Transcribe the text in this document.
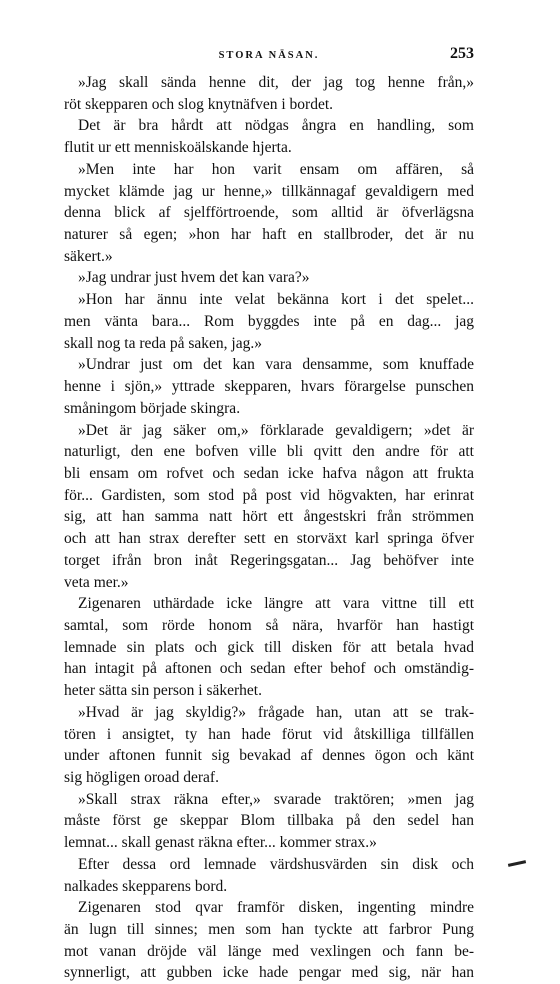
STORA NÄSAN.	253
»Jag skall sända henne dit, der jag tog henne från,»
röt skepparen och slog knytnäfven i bordet.
Det är bra hårdt att nödgas ångra en handling, som
flutit ur ett menniskoälskande hjerta.
»Men inte har hon varit ensam om affären, så
mycket klämde jag ur henne,» tillkännagaf gevaldigern med
denna blick af sjelfförtroende, som alltid är öfverlägsna
naturer så egen; »hon har haft en stallbroder, det är nu
säkert.»
»Jag undrar just hvem det kan vara?»
»Hon har ännu inte velat bekänna kort i det spelet...
men vänta bara... Rom byggdes inte på en dag... jag
skall nog ta reda på saken, jag.»
»Undrar just om det kan vara densamme, som knuffade
henne i sjön,» yttrade skepparen, hvars förargelse punschen
småningom började skingra.
»Det är jag säker om,» förklarade gevaldigern; »det är
naturligt, den ene bofven ville bli qvitt den andre för att
bli ensam om rofvet och sedan icke hafva någon att frukta
för... Gardisten, som stod på post vid högvakten, har erinrat
sig, att han samma natt hört ett ångestskri från strömmen
och att han strax derefter sett en storväxt karl springa öfver
torget ifrån bron inåt Regeringsgatan... Jag behöfver inte
veta mer.»
Zigenaren uthärdade icke längre att vara vittne till ett
samtal, som rörde honom så nära, hvarför han hastigt
lemnade sin plats och gick till disken för att betala hvad
han intagit på aftonen och sedan efter behof och omständig-
heter sätta sin person i säkerhet.
»Hvad är jag skyldig?» frågade han, utan att se trak-
tören i ansigtet, ty han hade förut vid åtskilliga tillfällen
under aftonen funnit sig bevakad af dennes ögon och känt
sig högligen oroad deraf.
»Skall strax räkna efter,» svarade traktören; »men jag
måste först ge skeppar Blom tillbaka på den sedel han
lemnat... skall genast räkna efter... kommer strax.»
Efter dessa ord lemnade värdshusvärden sin disk och
nalkades skepparens bord.
Zigenaren stod qvar framför disken, ingenting mindre
än lugn till sinnes; men som han tyckte att farbror Pung
mot vanan dröjde väl länge med vexlingen och fann be-
synnerligt, att gubben icke hade pengar med sig, när han
